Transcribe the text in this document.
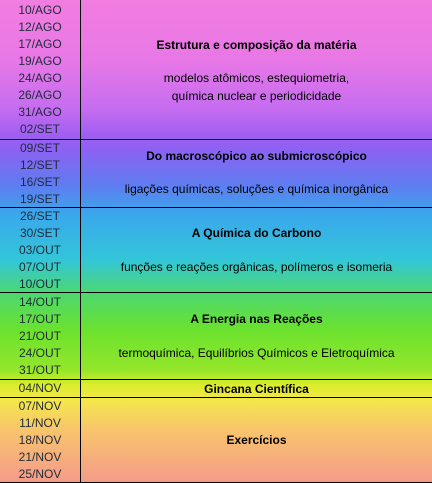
10/AGO
12/AGO
17/AGO
19/AGO
24/AGO
26/AGO
31/AGO
02/SET
Estrutura e composição da matéria
modelos atômicos, estequiometria,
química nuclear e periodicidade
09/SET
12/SET
16/SET
19/SET
Do macroscópico ao submicroscópico
ligações químicas, soluções e química inorgânica
26/SET
30/SET
03/OUT
07/OUT
10/OUT
A Química do Carbono
funções e reações orgânicas, polímeros e isomeria
14/OUT
17/OUT
21/OUT
24/OUT
31/OUT
A Energia nas Reações
termoquímica, Equilíbrios Químicos e Eletroquímica
04/NOV	Gincana Científica
07/NOV
11/NOV
18/NOV
21/NOV
25/NOV
Exercícios
